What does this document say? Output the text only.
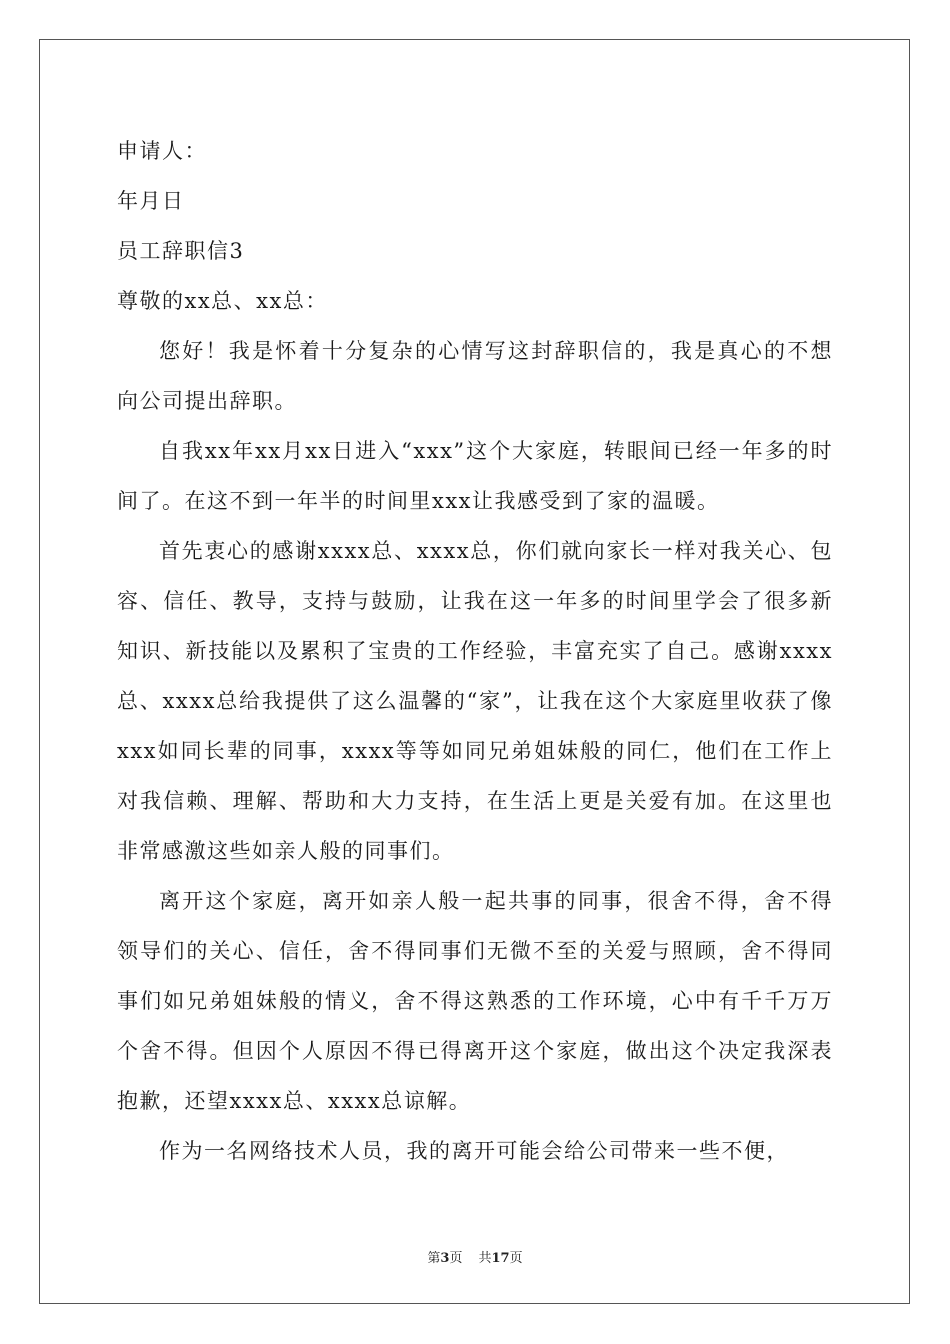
申请人：
年月日
员工辞职信3
尊敬的xx总、xx总：

您好！我是怀着十分复杂的心情写这封辞职信的，我是真心的不想向公司提出辞职。

自我xx年xx月xx日进入“xxx”这个大家庭，转眼间已经一年多的时间了。在这不到一年半的时间里xxx让我感受到了家的温暖。

首先衷心的感谢xxxx总、xxxx总，你们就向家长一样对我关心、包容、信任、教导，支持与鼓励，让我在这一年多的时间里学会了很多新知识、新技能以及累积了宝贵的工作经验，丰富充实了自己。感谢xxxx总、xxxx总给我提供了这么温馨的“家”，让我在这个大家庭里收获了像xxx如同长辈的同事，xxxx等等如同兄弟姐妹般的同仁，他们在工作上对我信赖、理解、帮助和大力支持，在生活上更是关爱有加。在这里也非常感激这些如亲人般的同事们。

离开这个家庭，离开如亲人般一起共事的同事，很舍不得，舍不得领导们的关心、信任，舍不得同事们无微不至的关爱与照顾，舍不得同事们如兄弟姐妹般的情义，舍不得这熟悉的工作环境，心中有千千万万个舍不得。但因个人原因不得已得离开这个家庭，做出这个决定我深表抱歉，还望xxxx总、xxxx总谅解。

作为一名网络技术人员，我的离开可能会给公司带来一些不便，

第3页 共17页
